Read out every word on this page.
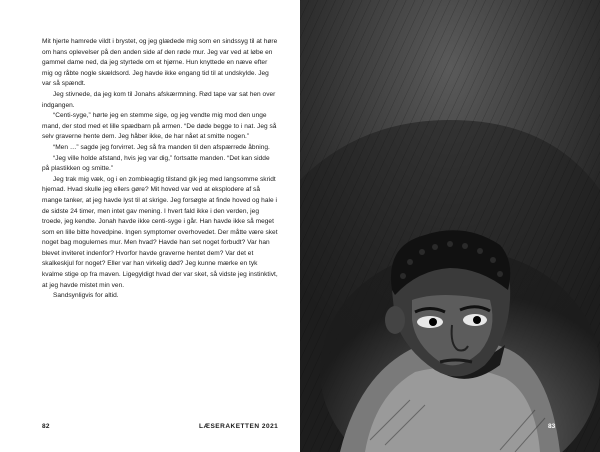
Mit hjerte hamrede vildt i brystet, og jeg glædede mig som en sindssyg til at høre om hans oplevelser på den anden side af den røde mur. Jeg var ved at løbe en gammel dame ned, da jeg styrtede om et hjørne. Hun knyttede en næve efter mig og råbte nogle skældsord. Jeg havde ikke engang tid til at undskylde. Jeg var så spændt.

Jeg stivnede, da jeg kom til Jonahs afskærmning. Rød tape var sat hen over indgangen.

“Centi-syge,” hørte jeg en stemme sige, og jeg vendte mig mod den unge mand, der stod med et lille spædbarn på armen. “De døde begge to i nat. Jeg så selv graverne hente dem. Jeg håber ikke, de har nået at smitte nogen.”

“Men …” sagde jeg forvirret. Jeg så fra manden til den afspærrede åbning.

“Jeg ville holde afstand, hvis jeg var dig,” fortsatte manden. “Det kan sidde på plastikken og smitte.”

Jeg trak mig væk, og i en zombieagtig tilstand gik jeg med langsomme skridt hjemad. Hvad skulle jeg ellers gøre? Mit hoved var ved at eksplodere af så mange tanker, at jeg havde lyst til at skrige. Jeg forsøgte at finde hoved og hale i de sidste 24 timer, men intet gav mening. I hvert fald ikke i den verden, jeg troede, jeg kendte. Jonah havde ikke centi-syge i går. Han havde ikke så meget som en lille bitte hovedpine. Ingen symptomer overhovedet. Der måtte være sket noget bag mogulernes mur. Men hvad? Havde han set noget forbudt? Var han blevet inviteret indenfor? Hvorfor havde graverne hentet dem? Var det et skalkeskjul for noget? Eller var han virkelig død? Jeg kunne mærke en tyk kvalme stige op fra maven. Ligegyldigt hvad der var sket, så vidste jeg instinktivt, at jeg havde mistet min ven.

Sandsynligvis for altid.

82	LÆSERAKETTEN 2021	83
